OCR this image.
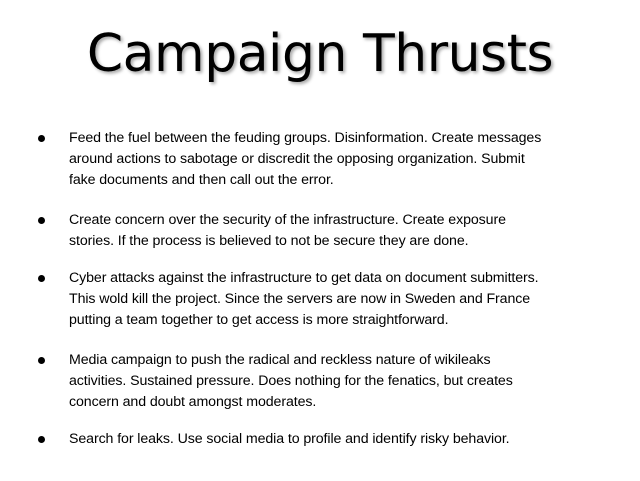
Campaign Thrusts
Feed the fuel between the feuding groups. Disinformation. Create messages
around actions to sabotage or discredit the opposing organization. Submit
fake documents and then call out the error.
Create concern over the security of the infrastructure. Create exposure
stories. If the process is believed to not be secure they are done.
Cyber attacks against the infrastructure to get data on document submitters.
This wold kill the project. Since the servers are now in Sweden and France
putting a team together to get access is more straightforward.
Media campaign to push the radical and reckless nature of wikileaks
activities. Sustained pressure. Does nothing for the fenatics, but creates
concern and doubt amongst moderates.
Search for leaks. Use social media to profile and identify risky behavior.
